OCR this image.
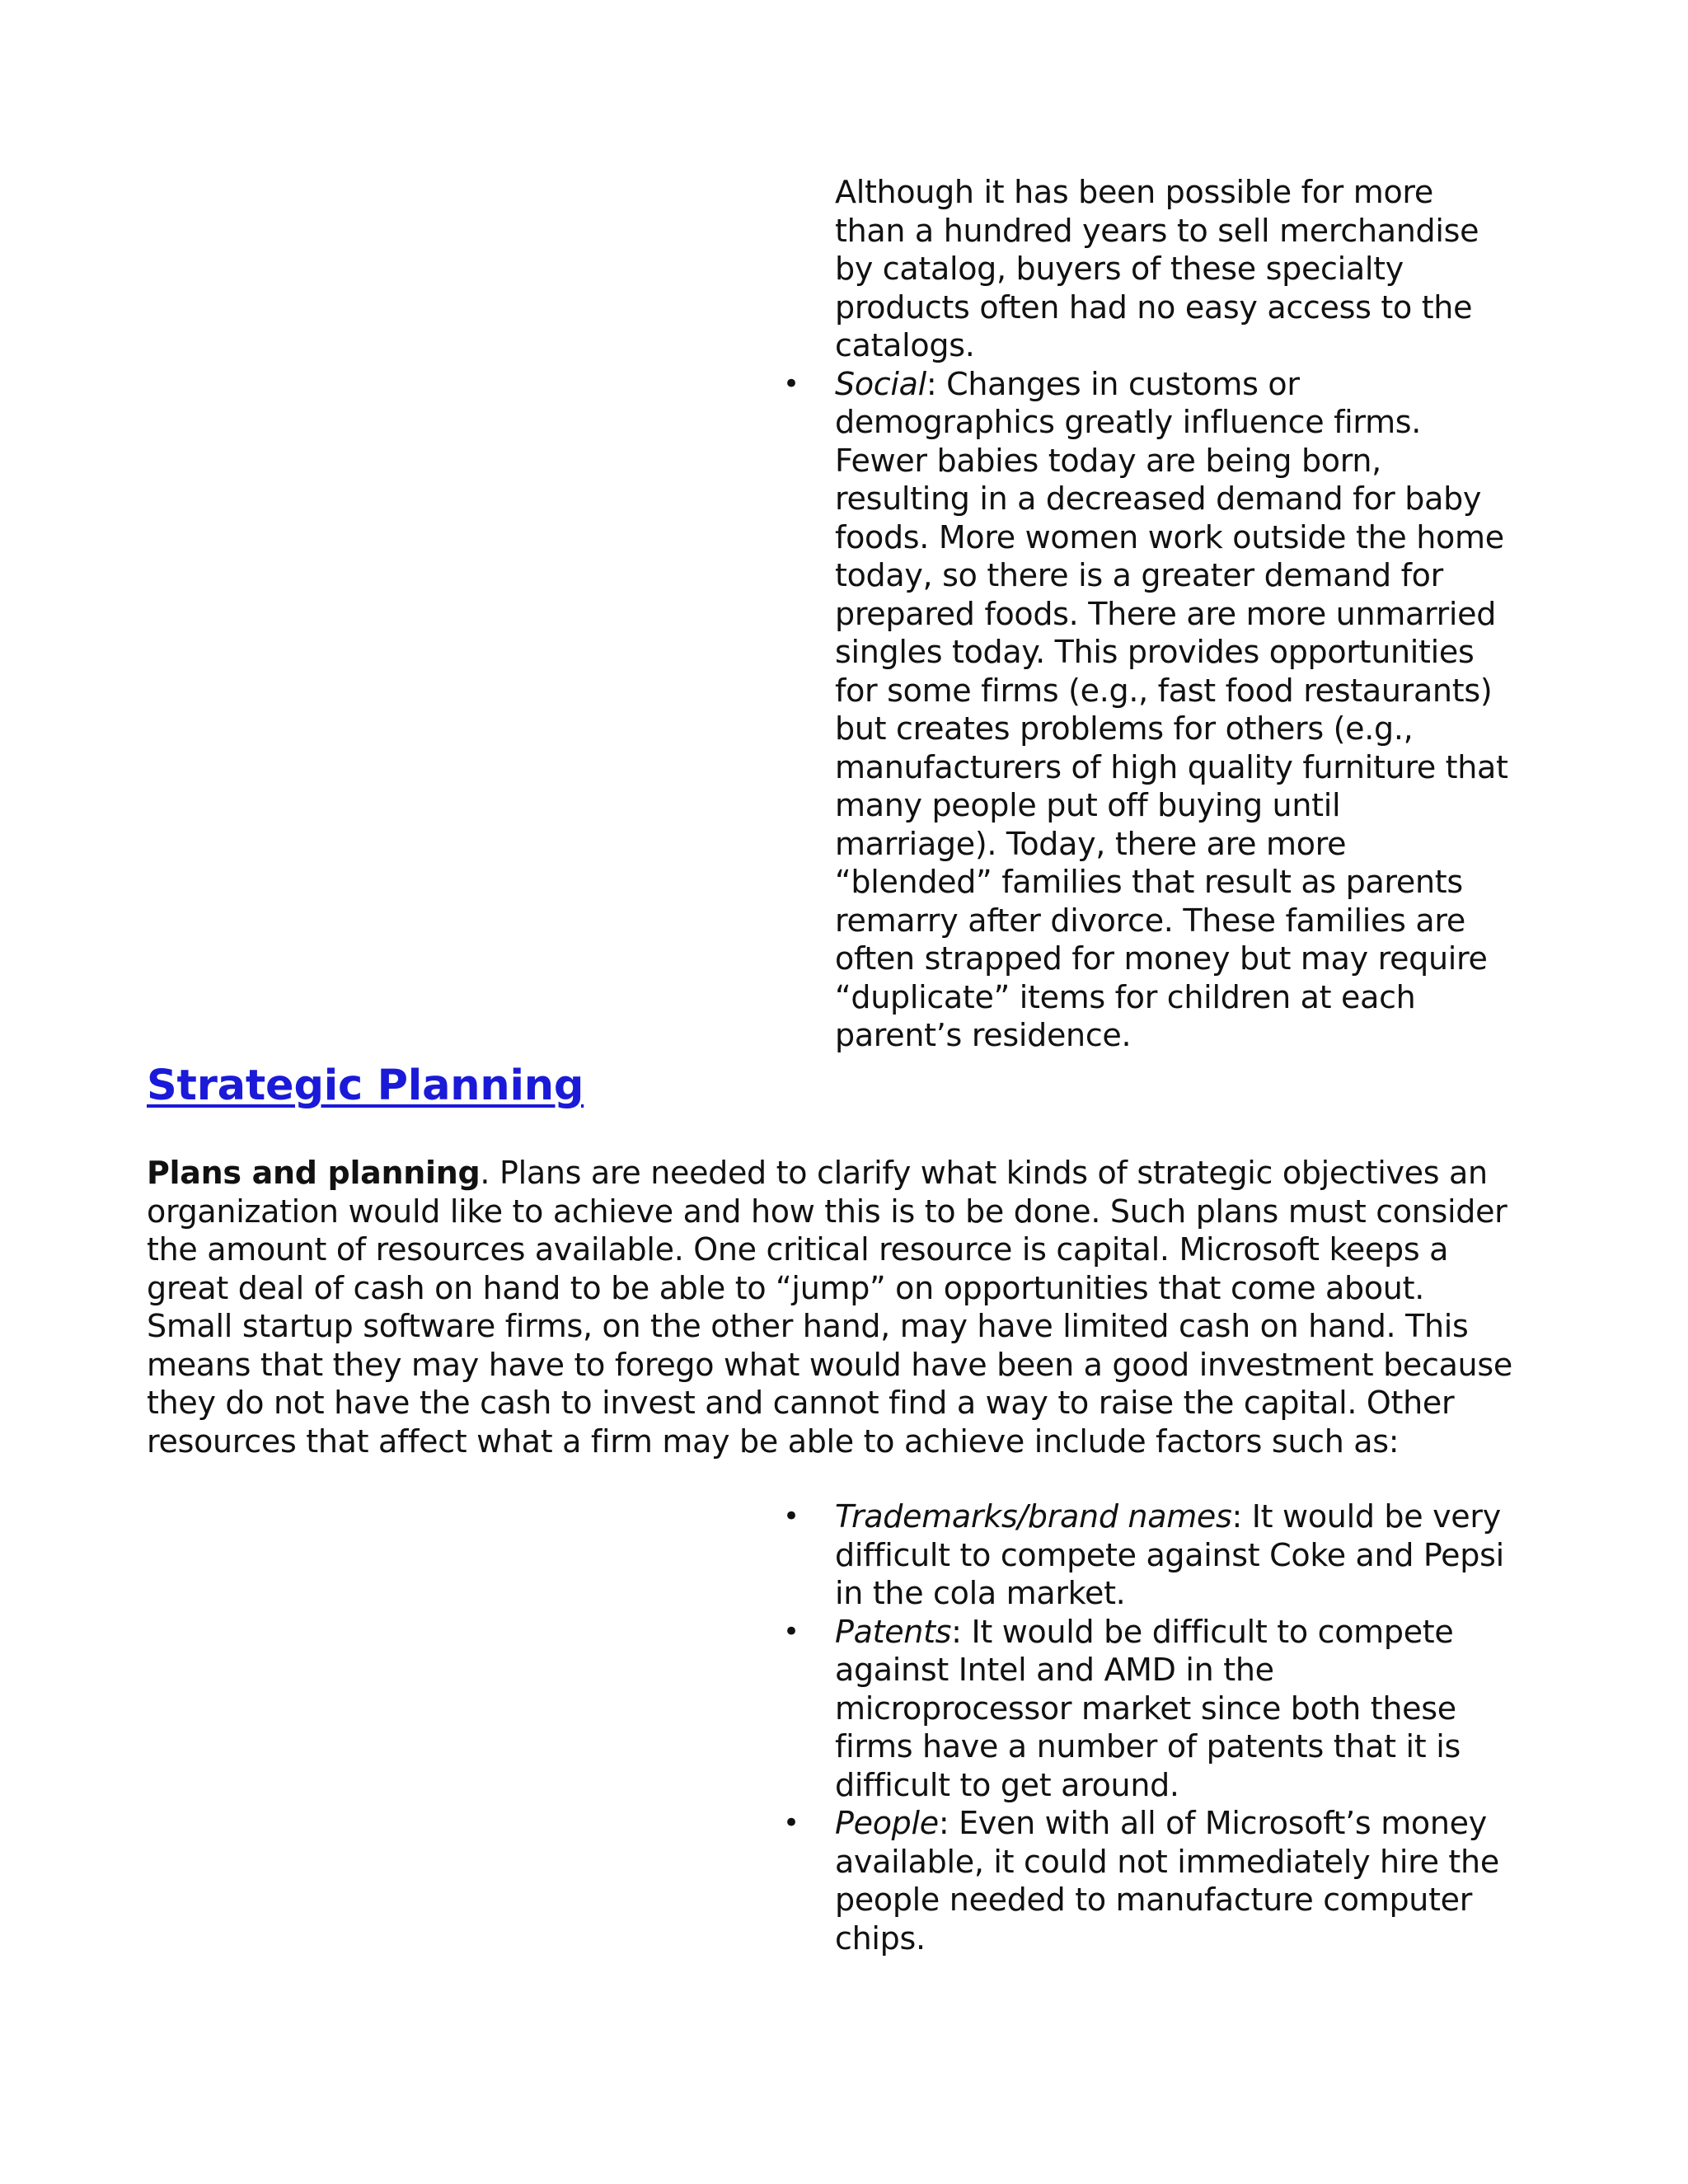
Although it has been possible for more than a hundred years to sell merchandise by catalog, buyers of these specialty products often had no easy access to the catalogs.

• Social: Changes in customs or demographics greatly influence firms. Fewer babies today are being born, resulting in a decreased demand for baby foods. More women work outside the home today, so there is a greater demand for prepared foods. There are more unmarried singles today. This provides opportunities for some firms (e.g., fast food restaurants) but creates problems for others (e.g., manufacturers of high quality furniture that many people put off buying until marriage). Today, there are more “blended” families that result as parents remarry after divorce. These families are often strapped for money but may require “duplicate” items for children at each parent’s residence.

Strategic Planning

Plans and planning. Plans are needed to clarify what kinds of strategic objectives an organization would like to achieve and how this is to be done. Such plans must consider the amount of resources available. One critical resource is capital. Microsoft keeps a great deal of cash on hand to be able to “jump” on opportunities that come about. Small startup software firms, on the other hand, may have limited cash on hand. This means that they may have to forego what would have been a good investment because they do not have the cash to invest and cannot find a way to raise the capital. Other resources that affect what a firm may be able to achieve include factors such as:

• Trademarks/brand names: It would be very difficult to compete against Coke and Pepsi in the cola market.
• Patents: It would be difficult to compete against Intel and AMD in the microprocessor market since both these firms have a number of patents that it is difficult to get around.
• People: Even with all of Microsoft’s money available, it could not immediately hire the people needed to manufacture computer chips.
